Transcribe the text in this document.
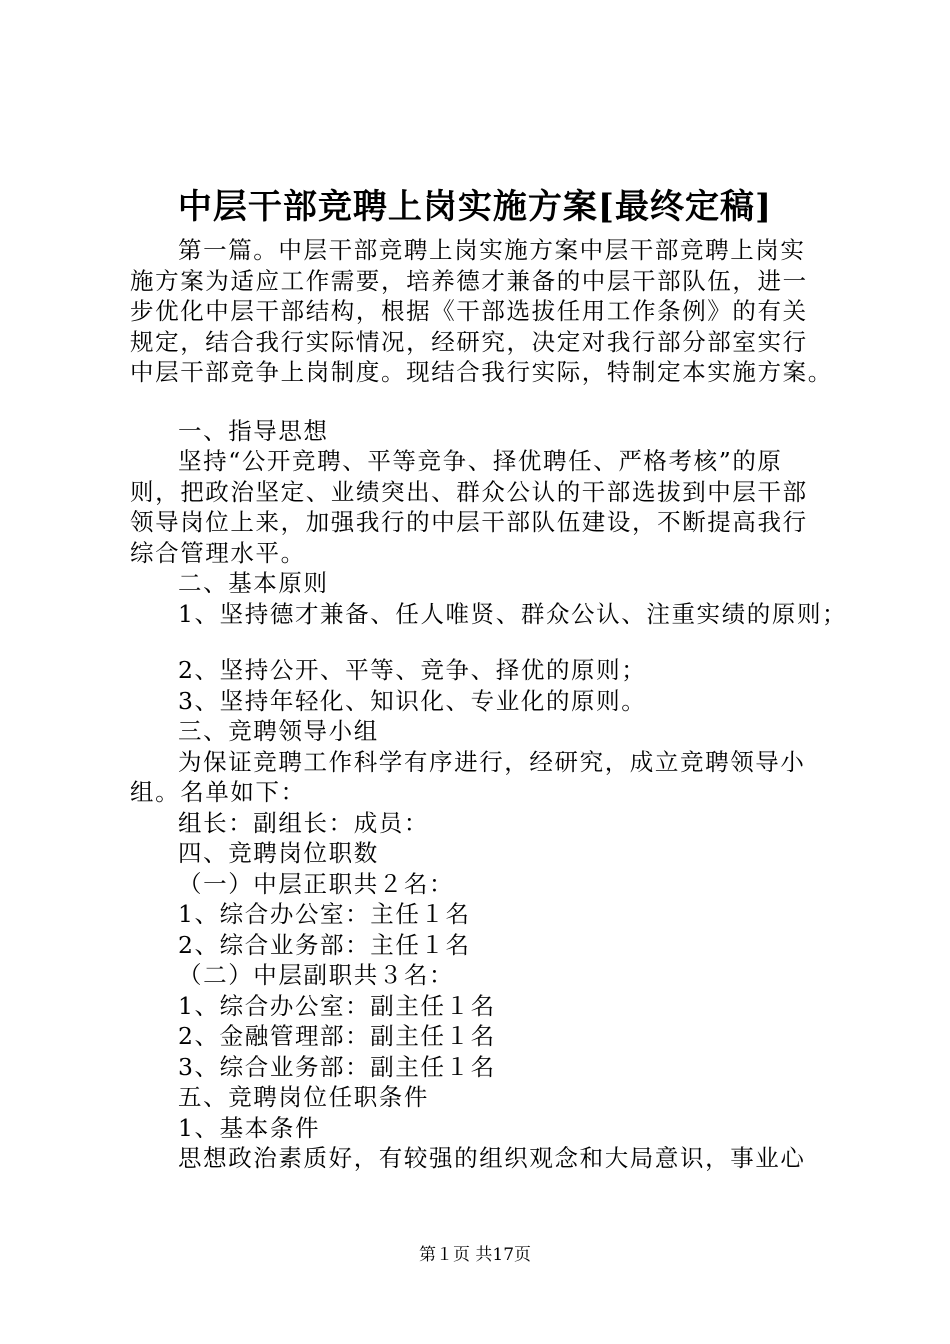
中层干部竞聘上岗实施方案[最终定稿]
第一篇。中层干部竞聘上岗实施方案中层干部竞聘上岗实
施方案为适应工作需要，培养德才兼备的中层干部队伍，进一
步优化中层干部结构，根据《干部选拔任用工作条例》的有关
规定，结合我行实际情况，经研究，决定对我行部分部室实行
中层干部竞争上岗制度。现结合我行实际，特制定本实施方案。
一、指导思想
坚持“公开竞聘、平等竞争、择优聘任、严格考核”的原
则，把政治坚定、业绩突出、群众公认的干部选拔到中层干部
领导岗位上来，加强我行的中层干部队伍建设，不断提高我行
综合管理水平。
二、基本原则
1、坚持德才兼备、任人唯贤、群众公认、注重实绩的原则；
2、坚持公开、平等、竞争、择优的原则；
3、坚持年轻化、知识化、专业化的原则。
三、竞聘领导小组
为保证竞聘工作科学有序进行，经研究，成立竞聘领导小
组。名单如下：
组长：副组长：成员：
四、竞聘岗位职数
（一）中层正职共２名：
1、综合办公室：主任１名
2、综合业务部：主任１名
（二）中层副职共３名：
1、综合办公室：副主任１名
2、金融管理部：副主任１名
3、综合业务部：副主任１名
五、竞聘岗位任职条件
1、基本条件
思想政治素质好，有较强的组织观念和大局意识，事业心
第１页 共17页
